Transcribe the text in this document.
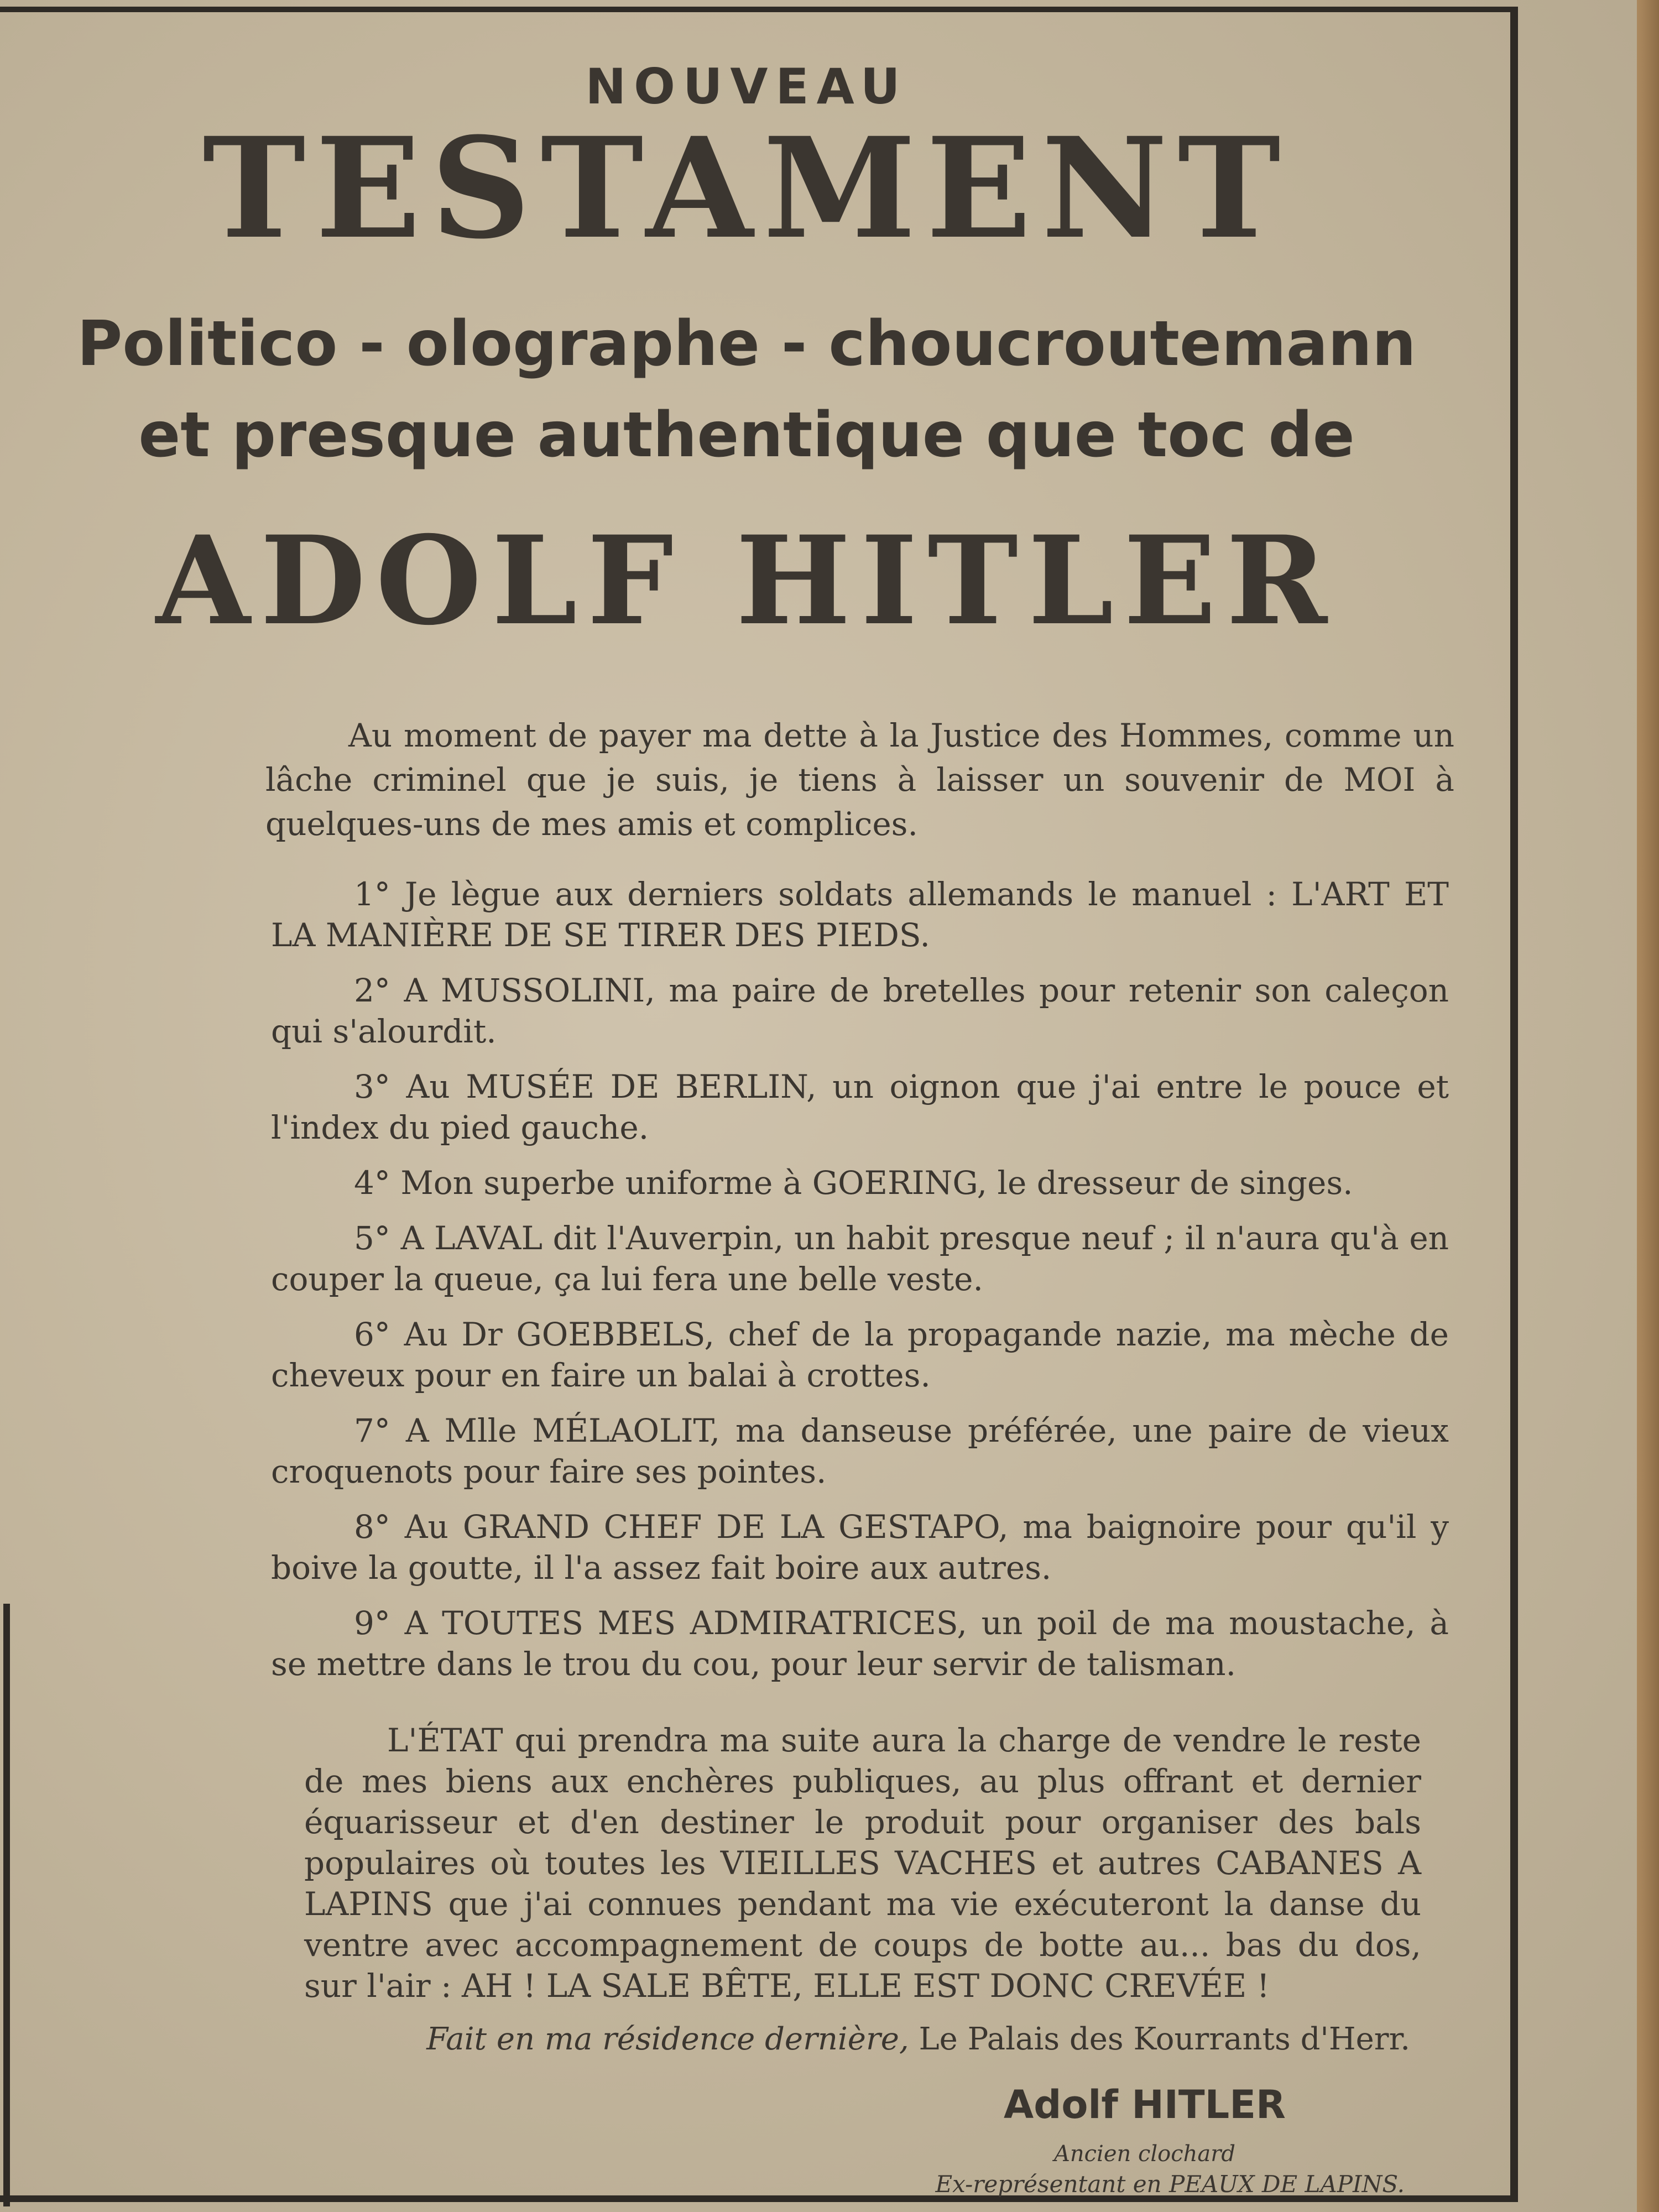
NOUVEAU
TESTAMENT
Politico - olographe - choucroutemann
et presque authentique que toc de
ADOLF HITLER
Au moment de payer ma dette à la Justice des Hommes, comme un lâche criminel que je suis, je tiens à laisser un souvenir de MOI à quelques-uns de mes amis et complices.
1° Je lègue aux derniers soldats allemands le manuel : L'ART ET LA MANIÈRE DE SE TIRER DES PIEDS.
2° A MUSSOLINI, ma paire de bretelles pour retenir son caleçon qui s'alourdit.
3° Au MUSÉE DE BERLIN, un oignon que j'ai entre le pouce et l'index du pied gauche.
4° Mon superbe uniforme à GOERING, le dresseur de singes.
5° A LAVAL dit l'Auverpin, un habit presque neuf ; il n'aura qu'à en couper la queue, ça lui fera une belle veste.
6° Au Dr GOEBBELS, chef de la propagande nazie, ma mèche de cheveux pour en faire un balai à crottes.
7° A Mlle MÉLAOLIT, ma danseuse préférée, une paire de vieux croquenots pour faire ses pointes.
8° Au GRAND CHEF DE LA GESTAPO, ma baignoire pour qu'il y boive la goutte, il l'a assez fait boire aux autres.
9° A TOUTES MES ADMIRATRICES, un poil de ma moustache, à se mettre dans le trou du cou, pour leur servir de talisman.
L'ÉTAT qui prendra ma suite aura la charge de vendre le reste de mes biens aux enchères publiques, au plus offrant et dernier équarisseur et d'en destiner le produit pour organiser des bals populaires où toutes les VIEILLES VACHES et autres CABANES A LAPINS que j'ai connues pendant ma vie exécuteront la danse du ventre avec accompagnement de coups de botte au... bas du dos, sur l'air : AH ! LA SALE BÊTE, ELLE EST DONC CREVÉE !
Fait en ma résidence dernière, Le Palais des Kourrants d'Herr.
Adolf HITLER
Ancien clochard
Ex-représentant en PEAUX DE LAPINS.
